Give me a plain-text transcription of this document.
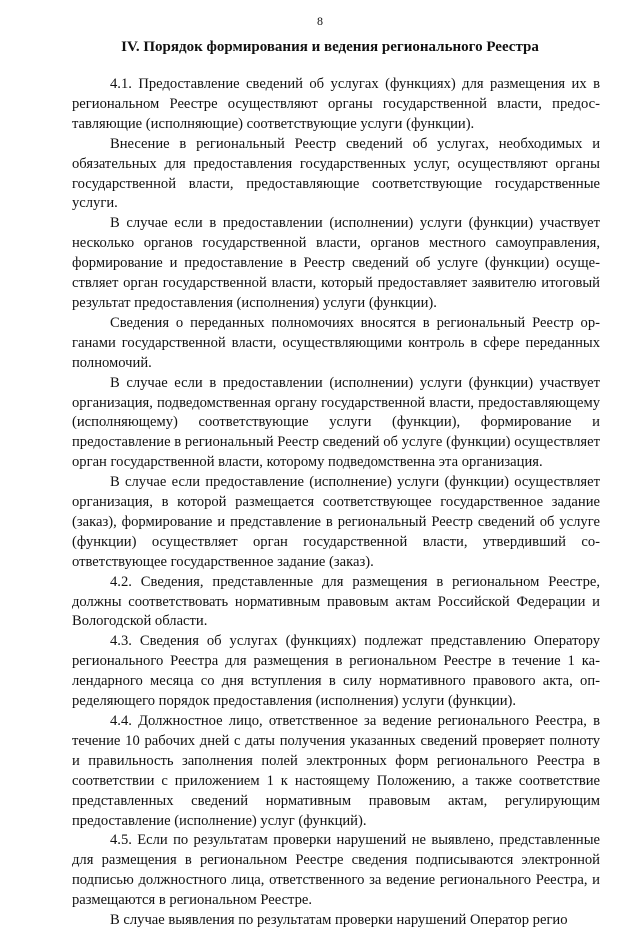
8
IV. Порядок формирования и ведения регионального Реестра

4.1. Предоставление сведений об услугах (функциях) для размещения их в региональном Реестре осуществляют органы государственной власти, предоставляющие (исполняющие) соответствующие услуги (функции).

Внесение в региональный Реестр сведений об услугах, необходимых и обязательных для предоставления государственных услуг, осуществляют органы государственной власти, предоставляющие соответствующие государственные услуги.

В случае если в предоставлении (исполнении) услуги (функции) участвует несколько органов государственной власти, органов местного самоуправления, формирование и предоставление в Реестр сведений об услуге (функции) осуществляет орган государственной власти, который предоставляет заявителю итоговый результат предоставления (исполнения) услуги (функции).

Сведения о переданных полномочиях вносятся в региональный Реестр органами государственной власти, осуществляющими контроль в сфере переданных полномочий.

В случае если в предоставлении (исполнении) услуги (функции) участвует организация, подведомственная органу государственной власти, предоставляющему (исполняющему) соответствующие услуги (функции), формирование и предоставление в региональный Реестр сведений об услуге (функции) осуществляет орган государственной власти, которому подведомственна эта организация.

В случае если предоставление (исполнение) услуги (функции) осуществляет организация, в которой размещается соответствующее государственное задание (заказ), формирование и представление в региональный Реестр сведений об услуге (функции) осуществляет орган государственной власти, утвердивший соответствующее государственное задание (заказ).

4.2. Сведения, представленные для размещения в региональном Реестре, должны соответствовать нормативным правовым актам Российской Федерации и Вологодской области.

4.3. Сведения об услугах (функциях) подлежат представлению Оператору регионального Реестра для размещения в региональном Реестре в течение 1 календарного месяца со дня вступления в силу нормативного правового акта, определяющего порядок предоставления (исполнения) услуги (функции).

4.4. Должностное лицо, ответственное за ведение регионального Реестра, в течение 10 рабочих дней с даты получения указанных сведений проверяет полноту и правильность заполнения полей электронных форм регионального Реестра в соответствии с приложением 1 к настоящему Положению, а также соответствие представленных сведений нормативным правовым актам, регулирующим предоставление (исполнение) услуг (функций).

4.5. Если по результатам проверки нарушений не выявлено, представленные для размещения в региональном Реестре сведения подписываются электронной подписью должностного лица, ответственного за ведение регионального Реестра, и размещаются в региональном Реестре.

В случае выявления по результатам проверки нарушений Оператор регио
